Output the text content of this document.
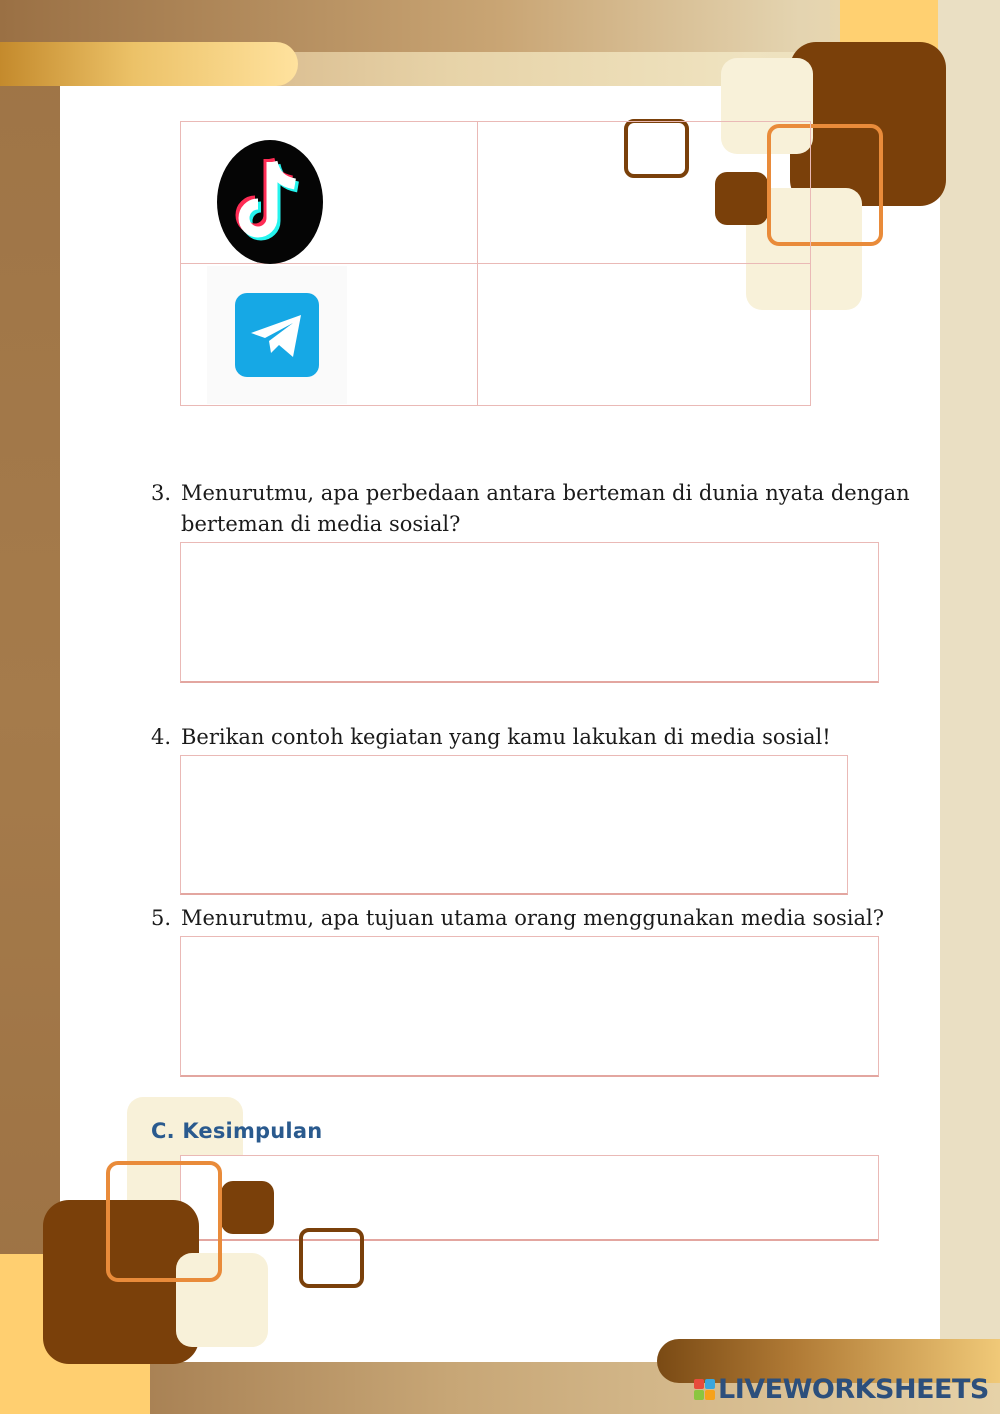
3. Menurutmu, apa perbedaan antara berteman di dunia nyata dengan
berteman di media sosial?
4. Berikan contoh kegiatan yang kamu lakukan di media sosial!
5. Menurutmu, apa tujuan utama orang menggunakan media sosial?
C. Kesimpulan
LIVEWORKSHEETS
